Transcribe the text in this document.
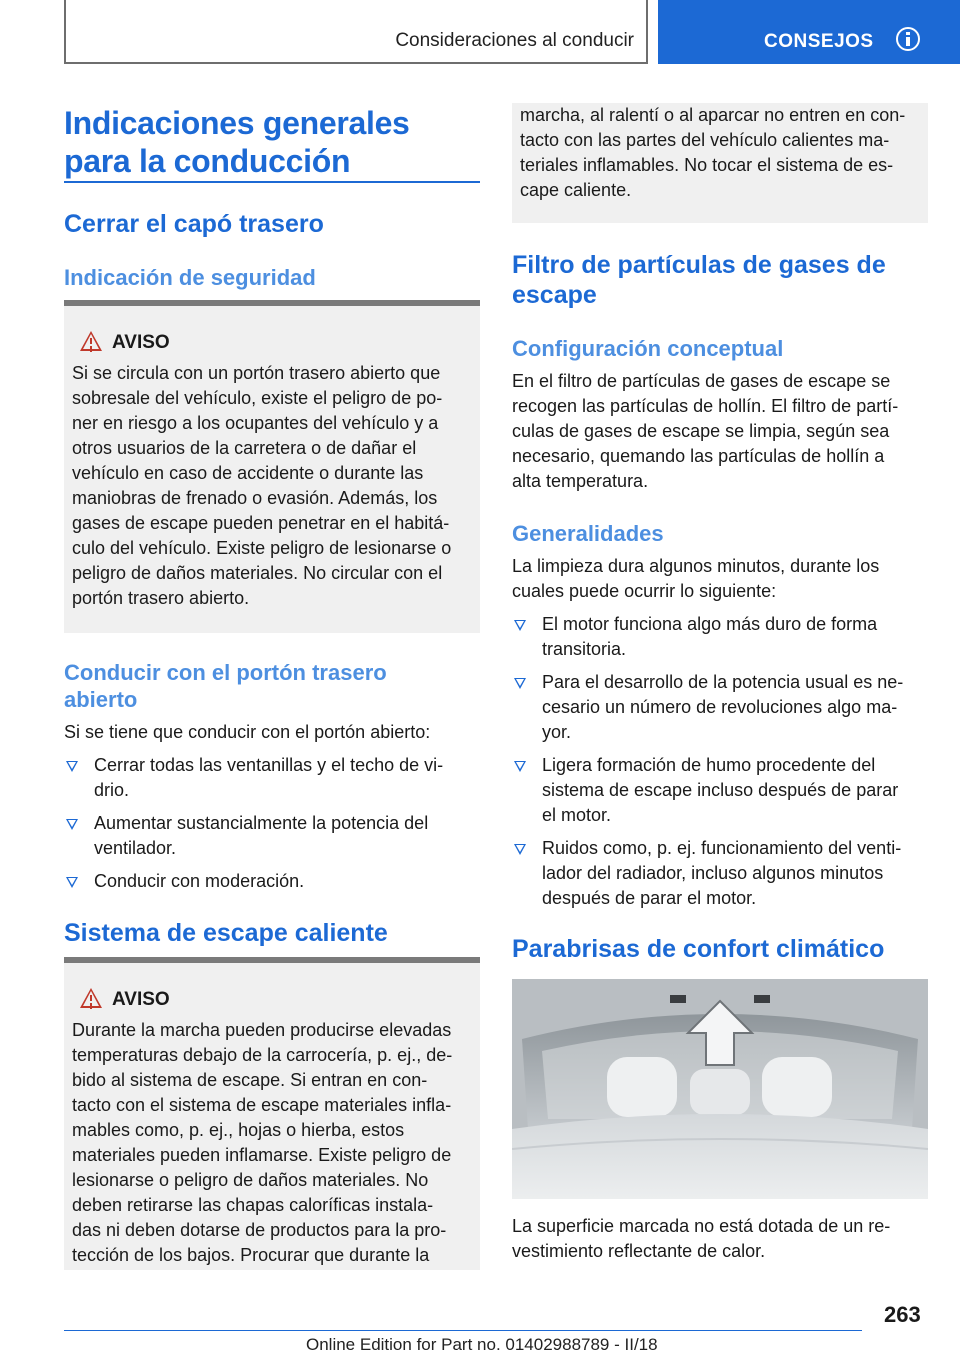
Consideraciones al conducir	CONSEJOS
Indicaciones generales
para la conducción
Cerrar el capó trasero
Indicación de seguridad
AVISO
Si se circula con un portón trasero abierto que
sobresale del vehículo, existe el peligro de po-
ner en riesgo a los ocupantes del vehículo y a
otros usuarios de la carretera o de dañar el
vehículo en caso de accidente o durante las
maniobras de frenado o evasión. Además, los
gases de escape pueden penetrar en el habitá-
culo del vehículo. Existe peligro de lesionarse o
peligro de daños materiales. No circular con el
portón trasero abierto.
Conducir con el portón trasero
abierto

Si se tiene que conducir con el portón abierto:

Cerrar todas las ventanillas y el techo de vi-
drio.
Aumentar sustancialmente la potencia del
ventilador.
Conducir con moderación.
Sistema de escape caliente
AVISO
Durante la marcha pueden producirse elevadas
temperaturas debajo de la carrocería, p. ej., de-
bido al sistema de escape. Si entran en con-
tacto con el sistema de escape materiales infla-
mables como, p. ej., hojas o hierba, estos
materiales pueden inflamarse. Existe peligro de
lesionarse o peligro de daños materiales. No
deben retirarse las chapas caloríficas instala-
das ni deben dotarse de productos para la pro-
tección de los bajos. Procurar que durante la
marcha, al ralentí o al aparcar no entren en con-
tacto con las partes del vehículo calientes ma-
teriales inflamables. No tocar el sistema de es-
cape caliente.
Filtro de partículas de gases de
escape
Configuración conceptual
En el filtro de partículas de gases de escape se
recogen las partículas de hollín. El filtro de partí-
culas de gases de escape se limpia, según sea
necesario, quemando las partículas de hollín a
alta temperatura.
Generalidades
La limpieza dura algunos minutos, durante los
cuales puede ocurrir lo siguiente:
El motor funciona algo más duro de forma
transitoria.
Para el desarrollo de la potencia usual es ne-
cesario un número de revoluciones algo ma-
yor.
Ligera formación de humo procedente del
sistema de escape incluso después de parar
el motor.
Ruidos como, p. ej. funcionamiento del venti-
lador del radiador, incluso algunos minutos
después de parar el motor.
Parabrisas de confort climático
La superficie marcada no está dotada de un re-
vestimiento reflectante de calor.
263
Online Edition for Part no. 01402988789 - II/18
